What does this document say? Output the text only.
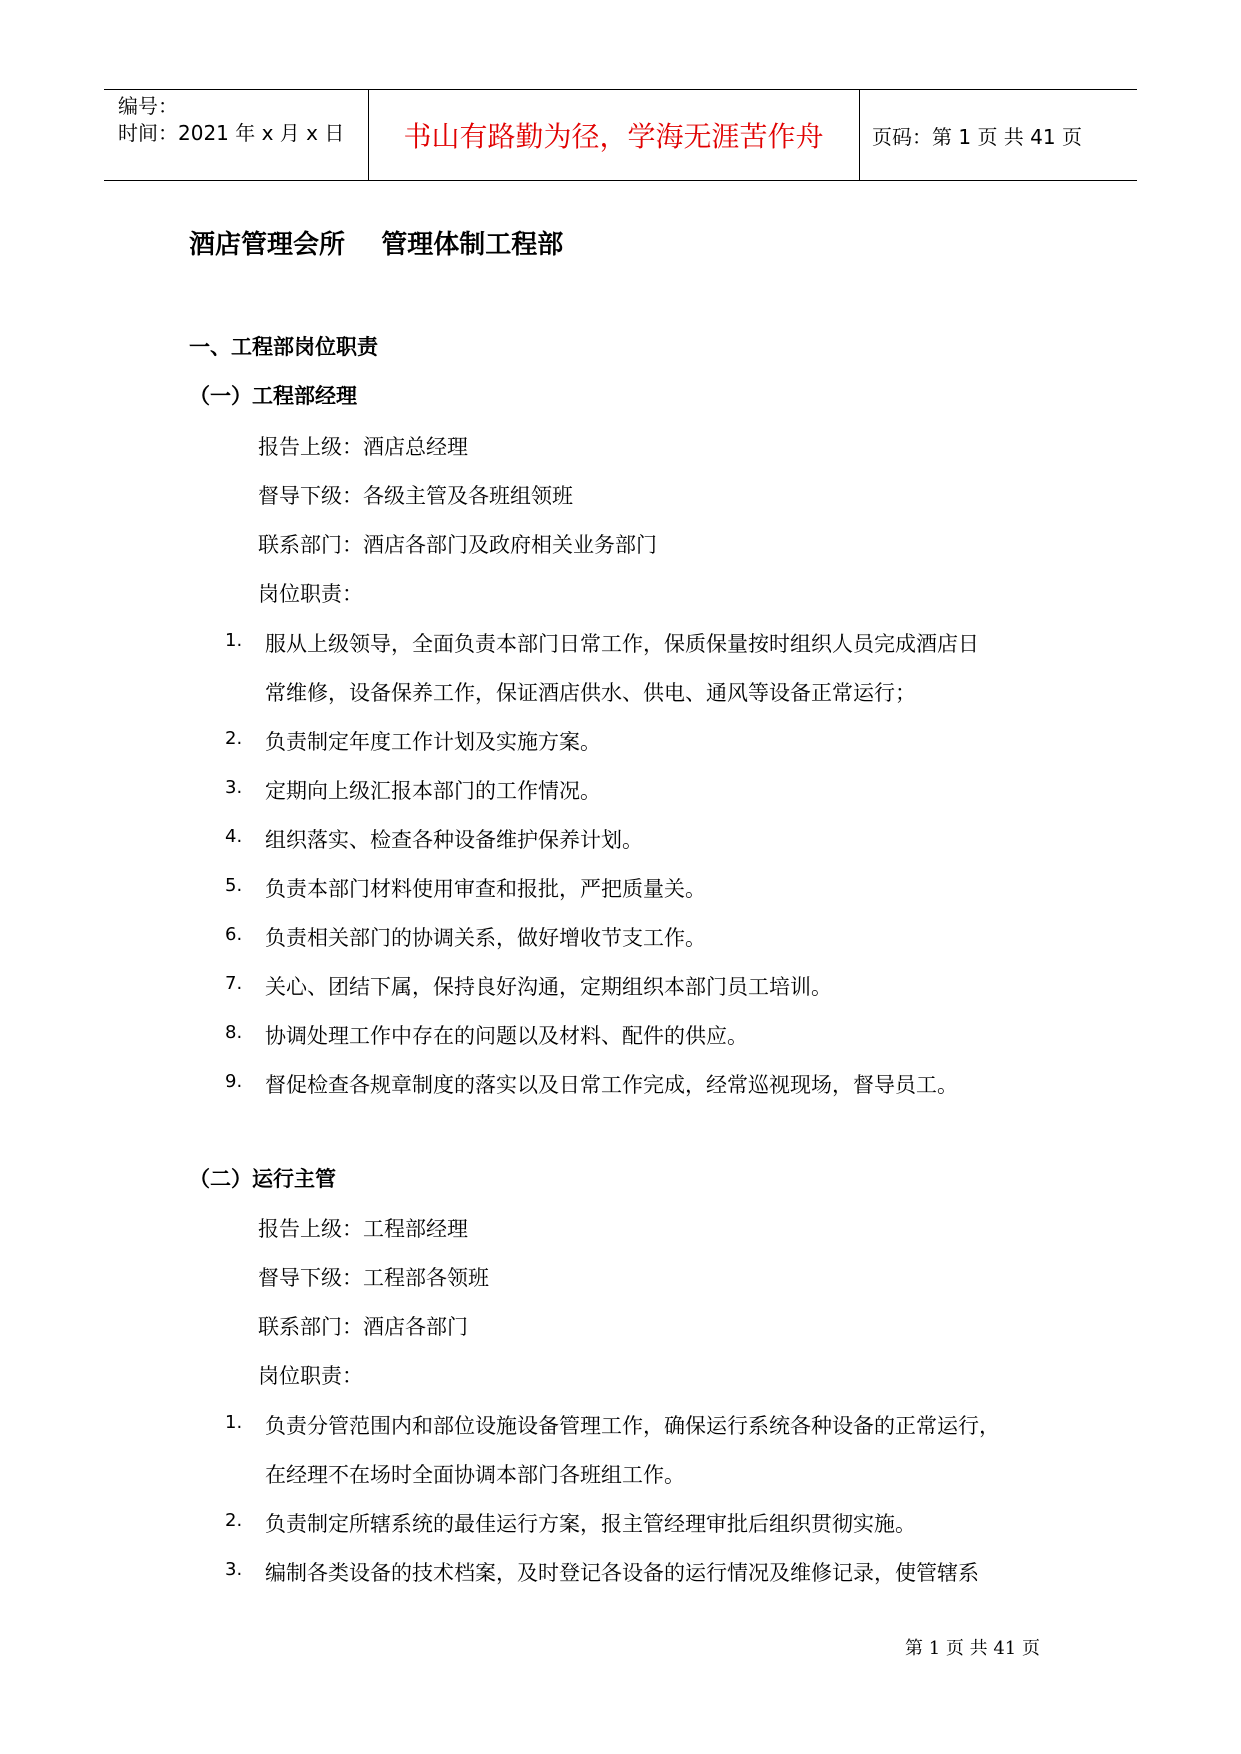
编号：
时间：2021 年 x 月 x 日	书山有路勤为径，学海无涯苦作舟	页码：第 1 页 共 41 页
酒店管理会所    管理体制工程部
一、工程部岗位职责
（一）工程部经理
报告上级：酒店总经理
督导下级：各级主管及各班组领班
联系部门：酒店各部门及政府相关业务部门
岗位职责：
1. 服从上级领导，全面负责本部门日常工作，保质保量按时组织人员完成酒店日
常维修，设备保养工作，保证酒店供水、供电、通风等设备正常运行；
2. 负责制定年度工作计划及实施方案。
3. 定期向上级汇报本部门的工作情况。
4. 组织落实、检查各种设备维护保养计划。
5. 负责本部门材料使用审查和报批，严把质量关。
6. 负责相关部门的协调关系，做好增收节支工作。
7. 关心、团结下属，保持良好沟通，定期组织本部门员工培训。
8. 协调处理工作中存在的问题以及材料、配件的供应。
9. 督促检查各规章制度的落实以及日常工作完成，经常巡视现场，督导员工。
（二）运行主管
报告上级：工程部经理
督导下级：工程部各领班
联系部门：酒店各部门
岗位职责：
1. 负责分管范围内和部位设施设备管理工作，确保运行系统各种设备的正常运行，
在经理不在场时全面协调本部门各班组工作。
2. 负责制定所辖系统的最佳运行方案，报主管经理审批后组织贯彻实施。
3. 编制各类设备的技术档案，及时登记各设备的运行情况及维修记录，使管辖系
第 1 页 共 41 页
